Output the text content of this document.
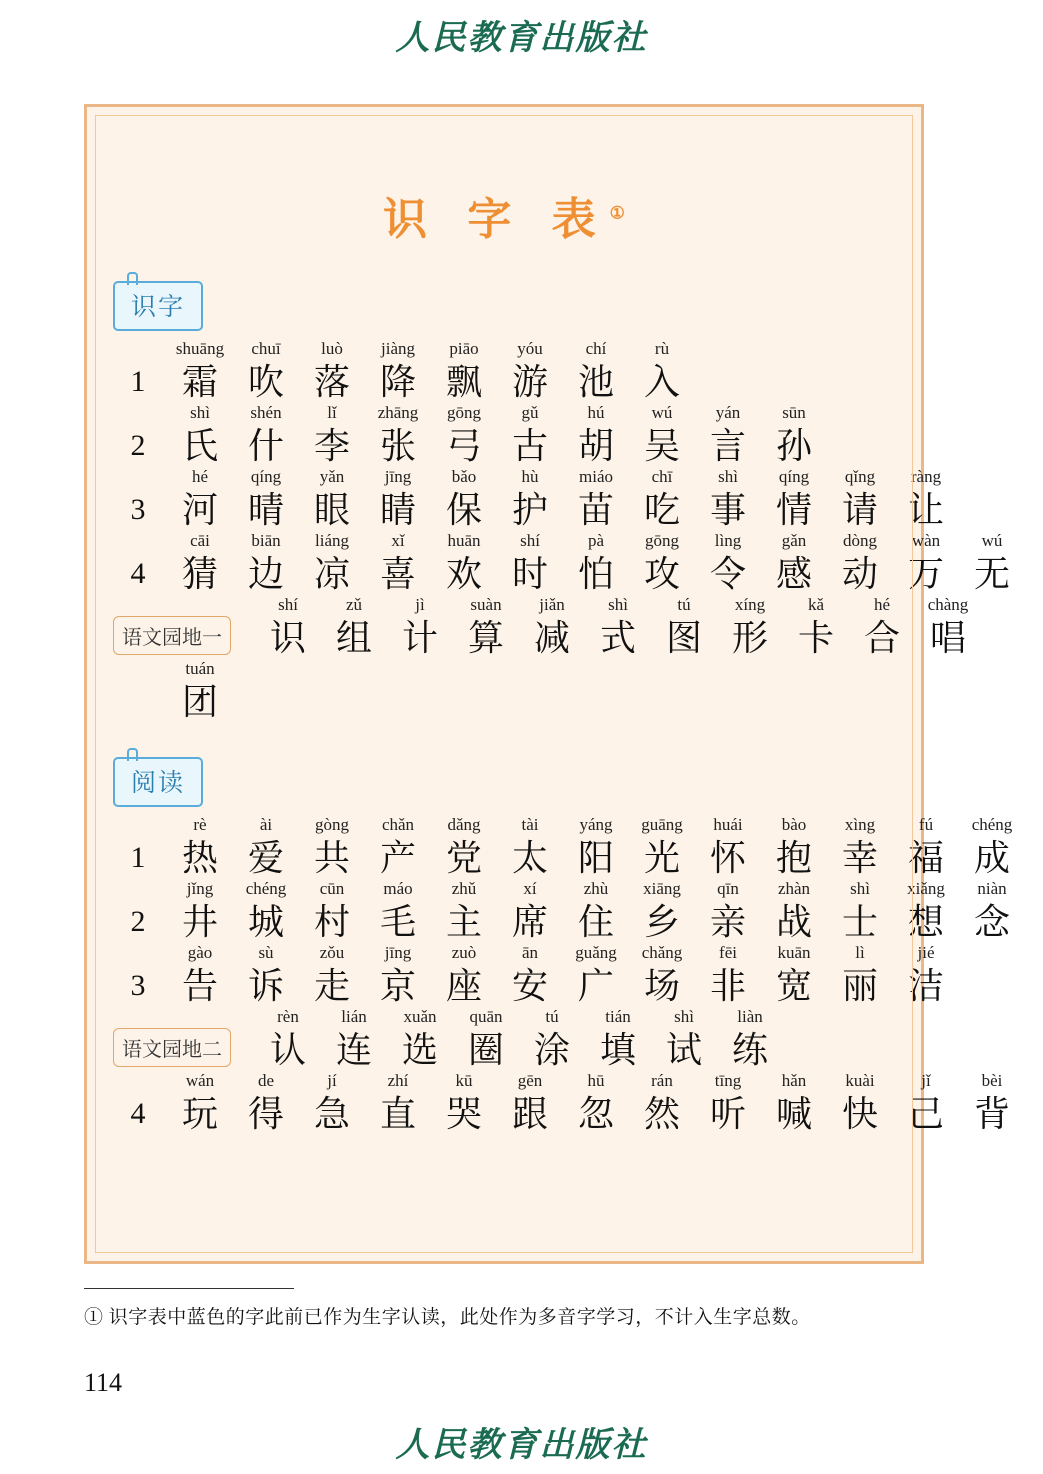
人民教育出版社
识 字 表①
识字
1
shuāng
霜
chuī
吹
luò
落
jiàng
降
piāo
飘
yóu
游
chí
池
rù
入
2
shì
氏
shén
什
lǐ
李
zhāng
张
gōng
弓
gǔ
古
hú
胡
wú
吴
yán
言
sūn
孙
3
hé
河
qíng
晴
yǎn
眼
jīng
睛
bǎo
保
hù
护
miáo
苗
chī
吃
shì
事
qíng
情
qǐng
请
ràng
让
4
cāi
猜
biān
边
liáng
凉
xǐ
喜
huān
欢
shí
时
pà
怕
gōng
攻
lìng
令
gǎn
感
dòng
动
wàn
万
wú
无
语文园地一
shí
识
zǔ
组
jì
计
suàn
算
jiǎn
减
shì
式
tú
图
xíng
形
kǎ
卡
hé
合
chàng
唱
tuán
团
阅读
1
rè
热
ài
爱
gòng
共
chǎn
产
dǎng
党
tài
太
yáng
阳
guāng
光
huái
怀
bào
抱
xìng
幸
fú
福
chéng
成
2
jǐng
井
chéng
城
cūn
村
máo
毛
zhǔ
主
xí
席
zhù
住
xiāng
乡
qīn
亲
zhàn
战
shì
士
xiǎng
想
niàn
念
3
gào
告
sù
诉
zǒu
走
jīng
京
zuò
座
ān
安
guǎng
广
chǎng
场
fēi
非
kuān
宽
lì
丽
jié
洁
语文园地二
rèn
认
lián
连
xuǎn
选
quān
圈
tú
涂
tián
填
shì
试
liàn
练
4
wán
玩
de
得
jí
急
zhí
直
kū
哭
gēn
跟
hū
忽
rán
然
tīng
听
hǎn
喊
kuài
快
jǐ
己
bèi
背
① 识字表中蓝色的字此前已作为生字认读，此处作为多音字学习，不计入生字总数。
114
人民教育出版社
